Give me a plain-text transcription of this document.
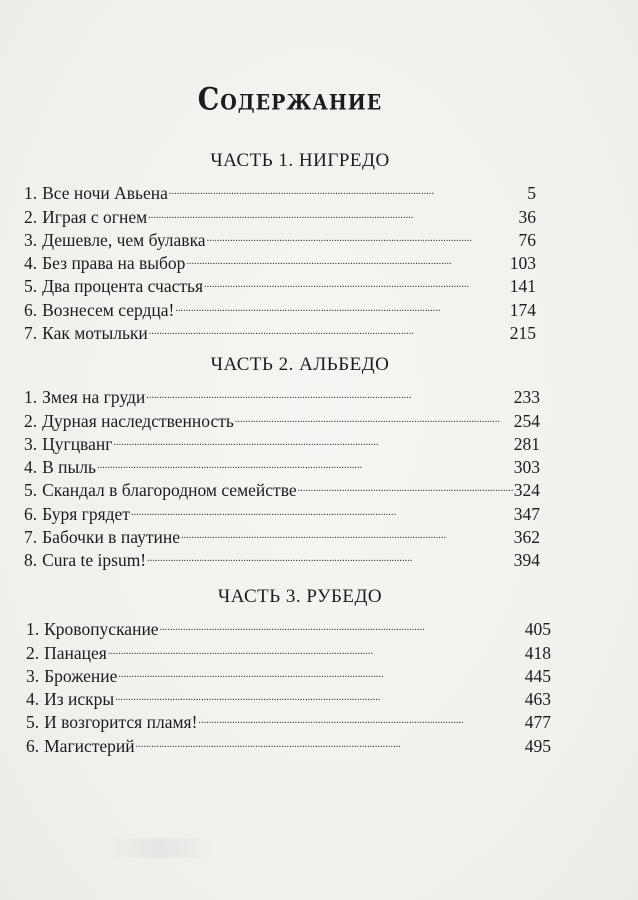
Содержание
ЧАСТЬ 1. НИГРЕДО
1. Все ночи Авьена . . .	5
2. Играя с огнем . . .	36
3. Дешевле, чем булавка . . .	76
4. Без права на выбор . . .	103
5. Два процента счастья . . .	141
6. Вознесем сердца! . . .	174
7. Как мотыльки . . .	215
ЧАСТЬ 2. АЛЬБЕДО
1. Змея на груди . . .	233
2. Дурная наследственность . . .	254
3. Цугцванг . . .	281
4. В пыль . . .	303
5. Скандал в благородном семействе . . .	324
6. Буря грядет . . .	347
7. Бабочки в паутине . . .	362
8. Cura te ipsum! . . .	394
ЧАСТЬ 3. РУБЕДО
1. Кровопускание . . .	405
2. Панацея . . .	418
3. Брожение . . .	445
4. Из искры . . .	463
5. И возгорится пламя! . . .	477
6. Магистерий . . .	495
